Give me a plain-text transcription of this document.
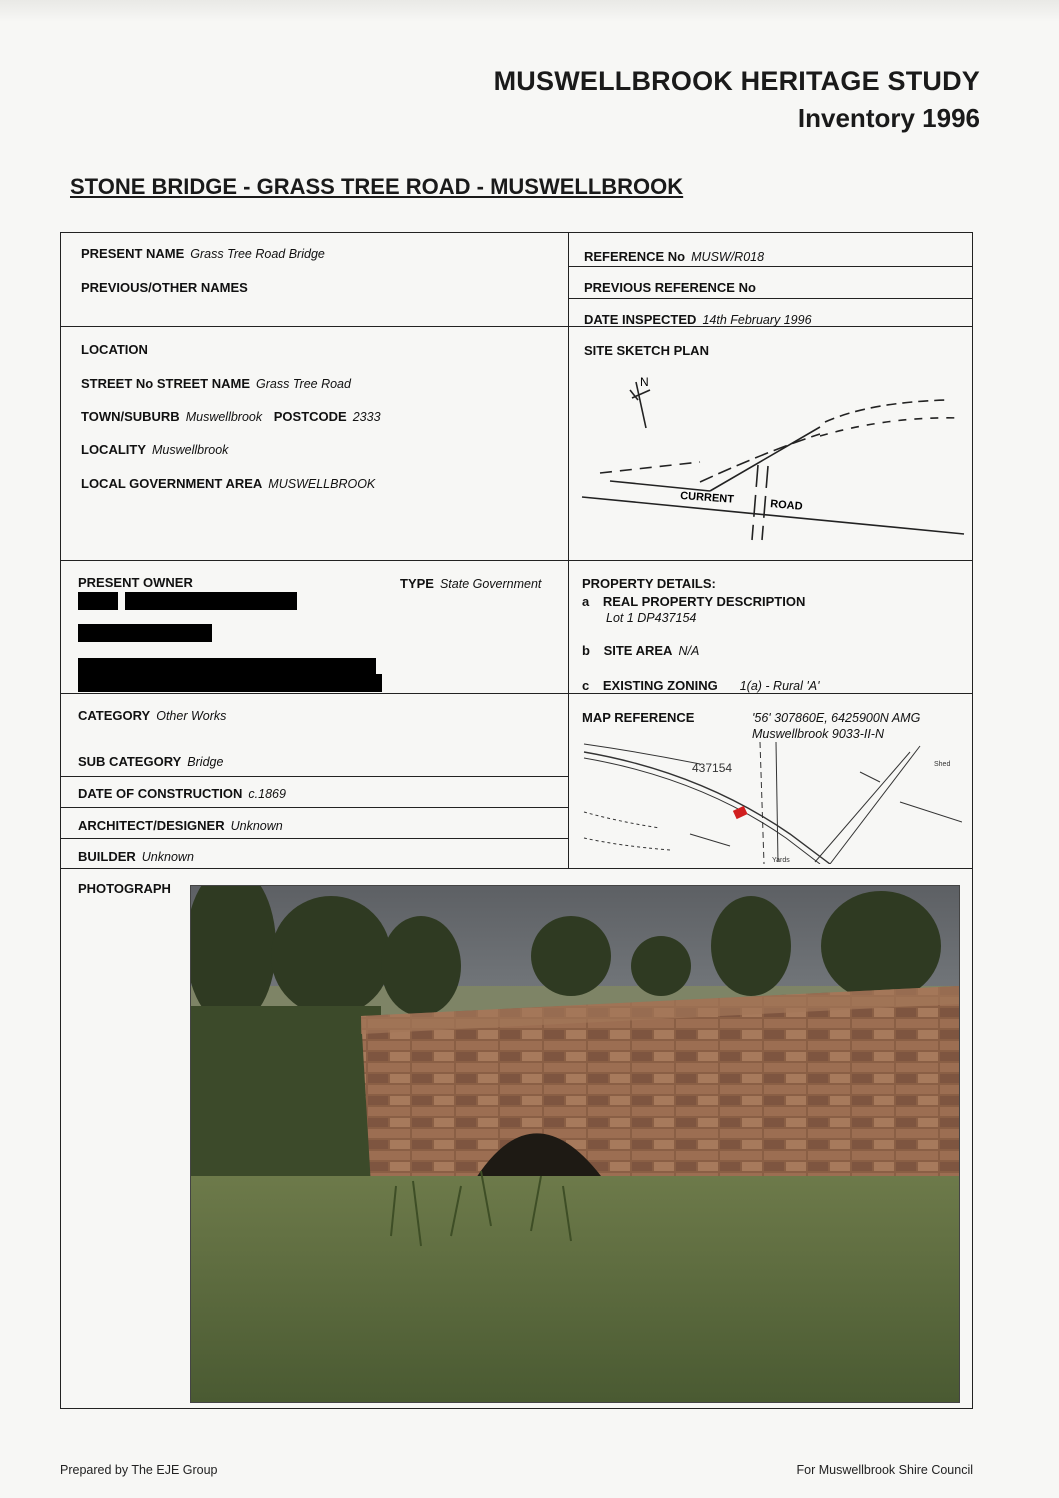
MUSWELLBROOK HERITAGE STUDY
Inventory 1996
STONE BRIDGE - GRASS TREE ROAD - MUSWELLBROOK
PRESENT NAME Grass Tree Road Bridge
PREVIOUS/OTHER NAMES
REFERENCE No MUSW/R018
PREVIOUS REFERENCE No
DATE INSPECTED 14th February 1996
LOCATION
STREET No STREET NAME Grass Tree Road
TOWN/SUBURB Muswellbrook POSTCODE 2333
LOCALITY Muswellbrook
LOCAL GOVERNMENT AREA MUSWELLBROOK
SITE SKETCH PLAN
N
CURRENT	ROAD
PRESENT OWNER	TYPE State Government	PROPERTY DETAILS:
a REAL PROPERTY DESCRIPTION
Lot 1 DP437154
b SITE AREA N/A
c EXISTING ZONING 1(a) - Rural 'A'
CATEGORY Other Works
SUB CATEGORY Bridge
DATE OF CONSTRUCTION c.1869
ARCHITECT/DESIGNER Unknown
BUILDER Unknown
MAP REFERENCE	'56' 307860E, 6425900N AMG
Muswellbrook 9033-II-N
437154	Shed
Yards
PHOTOGRAPH
Prepared by The EJE Group	For Muswellbrook Shire Council
